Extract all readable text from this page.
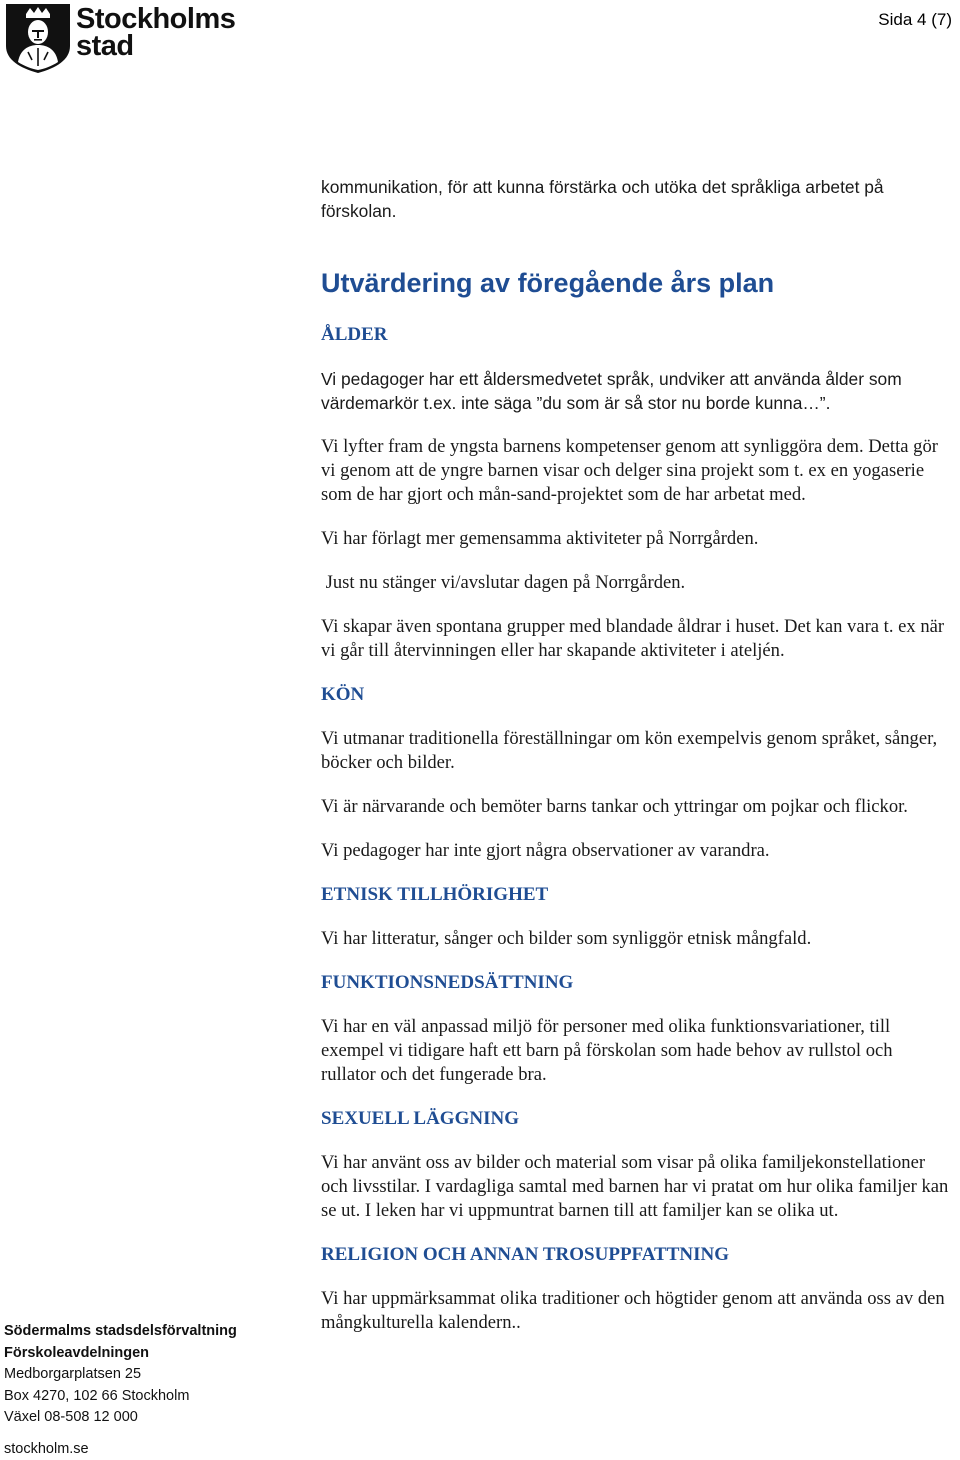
Stockholms
stad
Sida 4 (7)

kommunikation, för att kunna förstärka och utöka det språkliga arbetet på förskolan.

Utvärdering av föregående års plan
ÅLDER

Vi pedagoger har ett åldersmedvetet språk, undviker att använda ålder som värdemarkör t.ex. inte säga ”du som är så stor nu borde kunna…”.

Vi lyfter fram de yngsta barnens kompetenser genom att synliggöra dem. Detta gör vi genom att de yngre barnen visar och delger sina projekt som t. ex en yogaserie som de har gjort och mån-sand-projektet som de har arbetat med.

Vi har förlagt mer gemensamma aktiviteter på Norrgården.

Just nu stänger vi/avslutar dagen på Norrgården.

Vi skapar även spontana grupper med blandade åldrar i huset. Det kan vara t. ex när vi går till återvinningen eller har skapande aktiviteter i ateljén.

KÖN

Vi utmanar traditionella föreställningar om kön exempelvis genom språket, sånger, böcker och bilder.

Vi är närvarande och bemöter barns tankar och yttringar om pojkar och flickor.

Vi pedagoger har inte gjort några observationer av varandra.

ETNISK TILLHÖRIGHET

Vi har litteratur, sånger och bilder som synliggör etnisk mångfald.

FUNKTIONSNEDSÄTTNING

Vi har en väl anpassad miljö för personer med olika funktionsvariationer, till exempel vi tidigare haft ett barn på förskolan som hade behov av rullstol och rullator och det fungerade bra.

SEXUELL LÄGGNING

Vi har använt oss av bilder och material som visar på olika familjekonstellationer och livsstilar. I vardagliga samtal med barnen har vi pratat om hur olika familjer kan se ut. I leken har vi uppmuntrat barnen till att familjer kan se olika ut.

RELIGION OCH ANNAN TROSUPPFATTNING

Vi har uppmärksammat olika traditioner och högtider genom att använda oss av den mångkulturella kalendern..

Södermalms stadsdelsförvaltning
Förskoleavdelningen
Medborgarplatsen 25
Box 4270, 102 66 Stockholm
Växel 08-508 12 000
stockholm.se
